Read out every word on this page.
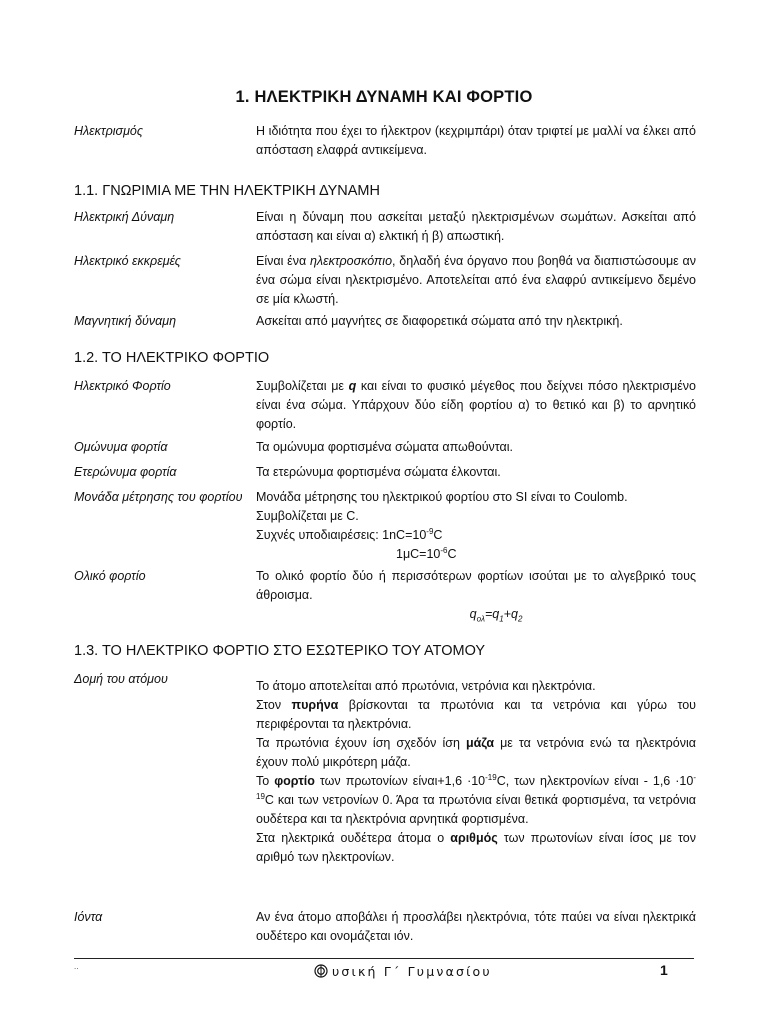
1. ΗΛΕΚΤΡΙΚΗ ΔΥΝΑΜΗ ΚΑΙ ΦΟΡΤΙΟ
Ηλεκτρισμός	Η ιδιότητα που έχει το ήλεκτρον (κεχριμπάρι) όταν τριφτεί με μαλλί να έλκει από απόσταση ελαφρά αντικείμενα.
1.1. ΓΝΩΡΙΜΙΑ ΜΕ ΤΗΝ ΗΛΕΚΤΡΙΚΗ ΔΥΝΑΜΗ
Ηλεκτρική Δύναμη	Είναι η δύναμη που ασκείται μεταξύ ηλεκτρισμένων σωμάτων. Ασκείται από απόσταση και είναι α) ελκτική ή β) απωστική.
Ηλεκτρικό εκκρεμές	Είναι ένα ηλεκτροσκόπιο, δηλαδή ένα όργανο που βοηθά να διαπιστώσουμε αν ένα σώμα είναι ηλεκτρισμένο. Αποτελείται από ένα ελαφρύ αντικείμενο δεμένο σε μία κλωστή.
Μαγνητική δύναμη	Ασκείται από μαγνήτες σε διαφορετικά σώματα από την ηλεκτρική.
1.2. ΤΟ ΗΛΕΚΤΡΙΚΟ ΦΟΡΤΙΟ
Ηλεκτρικό Φορτίο	Συμβολίζεται με q και είναι το φυσικό μέγεθος που δείχνει πόσο ηλεκτρισμένο είναι ένα σώμα. Υπάρχουν δύο είδη φορτίου α) το θετικό και β) το αρνητικό φορτίο.
Ομώνυμα φορτία	Τα ομώνυμα φορτισμένα σώματα απωθούνται.
Ετερώνυμα φορτία	Τα ετερώνυμα φορτισμένα σώματα έλκονται.
Μονάδα μέτρησης του φορτίου	Μονάδα μέτρησης του ηλεκτρικού φορτίου στο SI είναι το Coulomb.

Συμβολίζεται με C.

Συχνές υποδιαιρέσεις: $1nC=10^{-9}C$

$1\mu C=10^{-6}C$

Ολικό φορτίο	Το ολικό φορτίο δύο ή περισσότερων φορτίων ισούται με το αλγεβρικό τους άθροισμα.

$q_{o\lambda}=q_1+q_2$

1.3. ΤΟ ΗΛΕΚΤΡΙΚΟ ΦΟΡΤΙΟ ΣΤΟ ΕΣΩΤΕΡΙΚΟ ΤΟΥ ΑΤΟΜΟΥ
Δομή του ατόμου	Το άτομο αποτελείται από πρωτόνια, νετρόνια και ηλεκτρόνια.

Στον πυρήνα βρίσκονται τα πρωτόνια και τα νετρόνια και γύρω του περιφέρονται τα ηλεκτρόνια.

Τα πρωτόνια έχουν ίση σχεδόν ίση μάζα με τα νετρόνια ενώ τα ηλεκτρόνια έχουν πολύ μικρότερη μάζα.

Το φορτίο των πρωτονίων $\varepsilon ί\nu\alpha\iota+1,6 \cdot 10^{-19}C$, των ηλεκτρονίων $\varepsilon ί\nu\alpha\iota - 1,6 \cdot 10^{-19}C$ και των νετρονίων 0. Άρα τα πρωτόνια είναι θετικά φορτισμένα, τα νετρόνια ουδέτερα και τα ηλεκτρόνια αρνητικά φορτισμένα.

Στα ηλεκτρικά ουδέτερα άτομα ο αριθμός των πρωτονίων είναι ίσος με τον αριθμό των ηλεκτρονίων.

Ιόντα	Αν ένα άτομο αποβάλει ή προσλάβει ηλεκτρόνια, τότε παύει να είναι ηλεκτρικά ουδέτερο και ονομάζεται ιόν.
..	υσική Γ΄ Γυμνασίου	1
